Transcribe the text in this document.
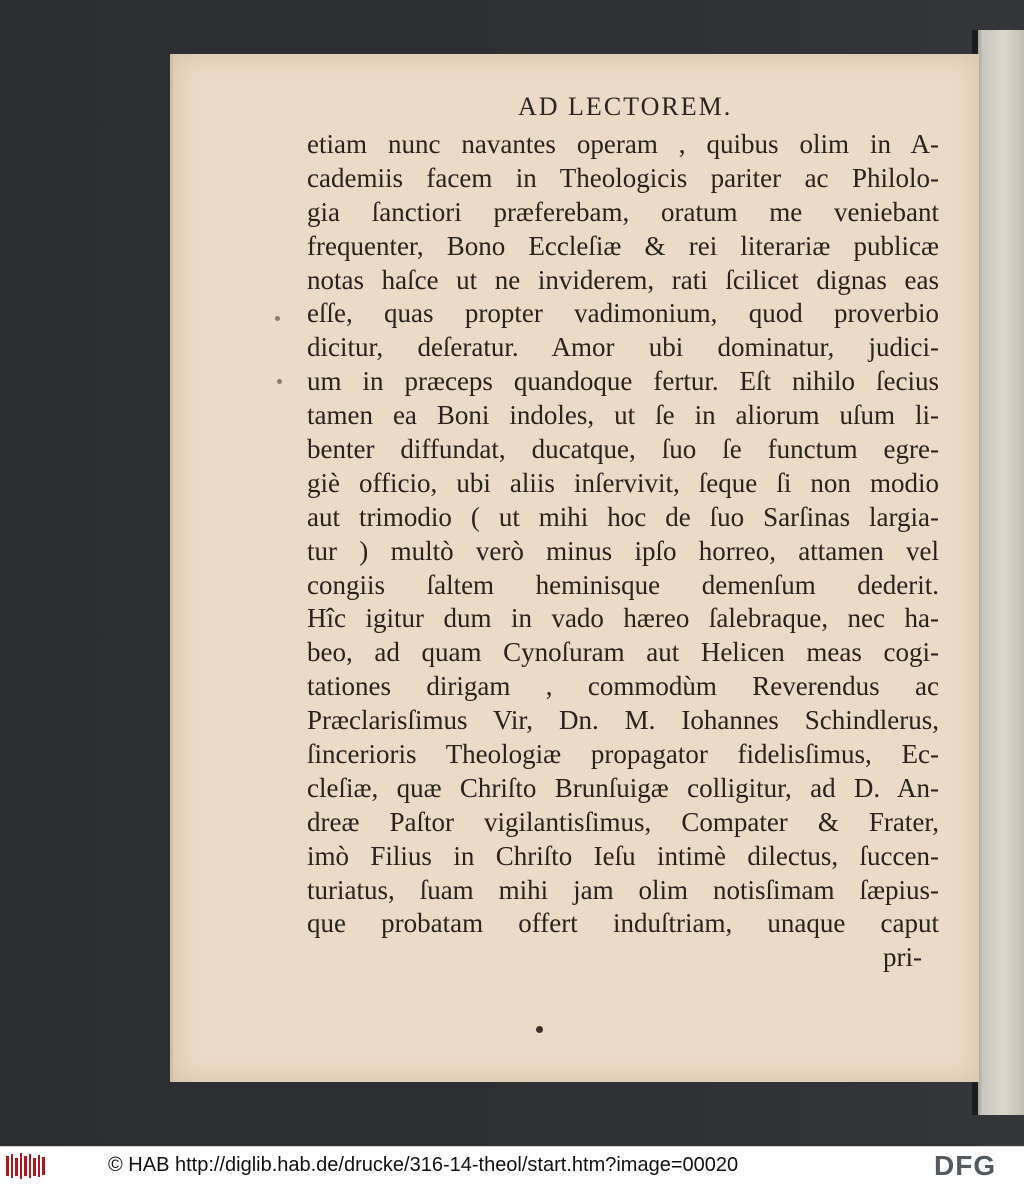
AD LECTOREM.
etiam nunc navantes operam , quibus olim in A-
cademiis facem in Theologicis pariter ac Philolo-
gia ſanctiori præferebam, oratum me veniebant
frequenter, Bono Eccleſiæ & rei literariæ publicæ
notas haſce ut ne inviderem, rati ſcilicet dignas eas
eſſe, quas propter vadimonium, quod proverbio
dicitur, deſeratur. Amor ubi dominatur, judici-
um in præceps quandoque fertur. Eſt nihilo ſecius
tamen ea Boni indoles, ut ſe in aliorum uſum li-
benter diffundat, ducatque, ſuo ſe functum egre-
giè officio, ubi aliis inſervivit, ſeque ſi non modio
aut trimodio ( ut mihi hoc de ſuo Sarſinas largia-
tur ) multò verò minus ipſo horreo, attamen vel
congiis ſaltem heminisque demenſum dederit.
Hîc igitur dum in vado hæreo ſalebraque, nec ha-
beo, ad quam Cynoſuram aut Helicen meas cogi-
tationes dirigam , commodùm Reverendus ac
Præclarisſimus Vir, Dn. M. Iohannes Schindlerus,
ſincerioris Theologiæ propagator fidelisſimus, Ec-
cleſiæ, quæ Chriſto Brunſuigæ colligitur, ad D. An-
dreæ Paſtor vigilantisſimus, Compater & Frater,
imò Filius in Chriſto Ieſu intimè dilectus, ſuccen-
turiatus, ſuam mihi jam olim notisſimam ſæpius-
que probatam offert induſtriam, unaque caput
pri-
© HAB http://diglib.hab.de/drucke/316-14-theol/start.htm?image=00020	DFG
